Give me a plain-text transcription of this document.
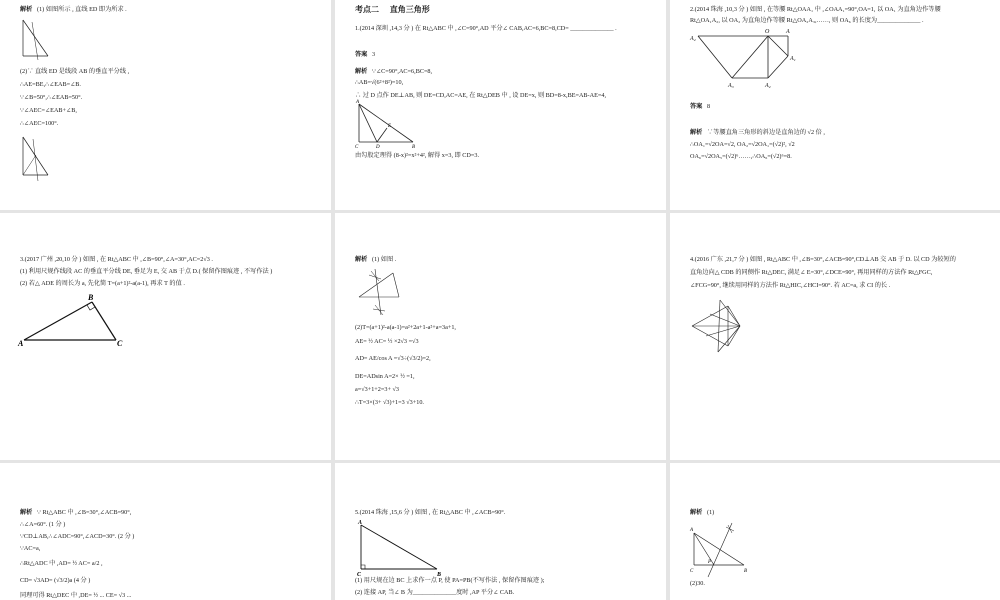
解析 (1) 如图所示 , 直线 ED 即为所求 .
(2)∵ 直线 ED 是线段 AB 的垂直平分线 ,
∴AE=BE,∴∠EAB=∠B.
∵∠B=50°,∴∠EAB=50°.
∵∠AEC=∠EAB+∠B,
∴∠AEC=100°.
考点二　 直角三角形
1.(2014 深圳 ,14,3 分 ) 在 Rt△ABC 中 ,∠C=90°,AD 平分∠ CAB,AC=6,BC=8,CD= ______________ .
答案 3
解析 ∵∠C=90°,AC=6,BC=8,
∴AB=√(6²+8²)=10,
∴ 过 D 点作 DE⊥AB, 则 DE=CD,AC=AE, 在 Rt△DEB 中 , 设 DE=x, 则 BD=8-x,BE=AB-AE=4,
A
C	D	B
E
由勾股定理得 (8-x)²=x²+4², 解得 x=3, 即 CD=3.
2.(2014 珠海 ,10,3 分 ) 如图 , 在等腰 Rt△OAA₁ 中 ,∠OAA₁=90°,OA=1, 以 OA₁ 为直角边作等腰
Rt△OA₁A₂, 以 OA₂ 为直角边作等腰 Rt△OA₂A₃,……, 则 OA₆ 的长度为______________ .
A₄
O	A
A₁
A₂
A₃
答案 8
解析 ∵等腰直角三角形的斜边是直角边的 √2 倍 ,
∴OA₁=√2OA=√2, OA₂=√2OA₁=(√2)², √2
OA₆=√2OA₅=(√2)⁶……,∴OA₆=(√2)⁶=8.
3.(2017 广州 ,20,10 分 ) 如图 , 在 Rt△ABC 中 ,∠B=90°,∠A=30°,AC=2√3 .
(1) 利用尺规作线段 AC 的垂直平分线 DE, 垂足为 E, 交 AB 于点 D.( 保留作图痕迹 , 不写作法 )
(2) 若△ ADE 的周长为 a, 先化简 T=(a+1)²-a(a-1), 再求 T 的值 .
A
B
C
解析 (1) 如图 .
(2)T=(a+1)²-a(a-1)=a²+2a+1-a²+a=3a+1,
AE= ½ AC= ½ ×2√3 =√3
AD= AE/cos A =√3÷(√3/2)=2,
DE=ADsin A=2× ½ =1,
a=√3+1+2=3+ √3
∴T=3×(3+ √3)+1=3 √3+10.
4.(2016 广东 ,21,7 分 ) 如图 , Rt△ABC 中 ,∠B=30°,∠ACB=90°,CD⊥AB 交 AB 于 D. 以 CD 为较短的
直角边向△ CDB 的同侧作 Rt△DEC, 满足∠ E=30°,∠DCE=90°, 再用同样的方法作 Rt△FGC,
∠FCG=90°, 继续用同样的方法作 Rt△HIC,∠HCI=90°. 若 AC=a, 求 CI 的长 .
解析 ∵ Rt△ABC 中 ,∠B=30°,∠ACB=90°,
∴∠A=60°. (1 分 )
∵CD⊥AB,∴∠ADC=90°,∠ACD=30°. (2 分 )
∵AC=a,
∴Rt△ADC 中 ,AD= ½ AC= a/2 ,
CD= √3AD= (√3/2)a (4 分 )
同理可得 Rt△DEC 中 ,DE= ½ ... CE= √3 ...
5.(2014 珠海 ,15,6 分 ) 如图 , 在 Rt△ABC 中 ,∠ACB=90°.
A
C	B
(1) 用尺规在边 BC 上求作一点 P, 使 PA=PB(不写作法 , 保留作图痕迹 );
(2) 连接 AP, 当∠ B 为______________度时 ,AP 平分∠ CAB.
解析 (1)
A
C	B
P
(2)30.
